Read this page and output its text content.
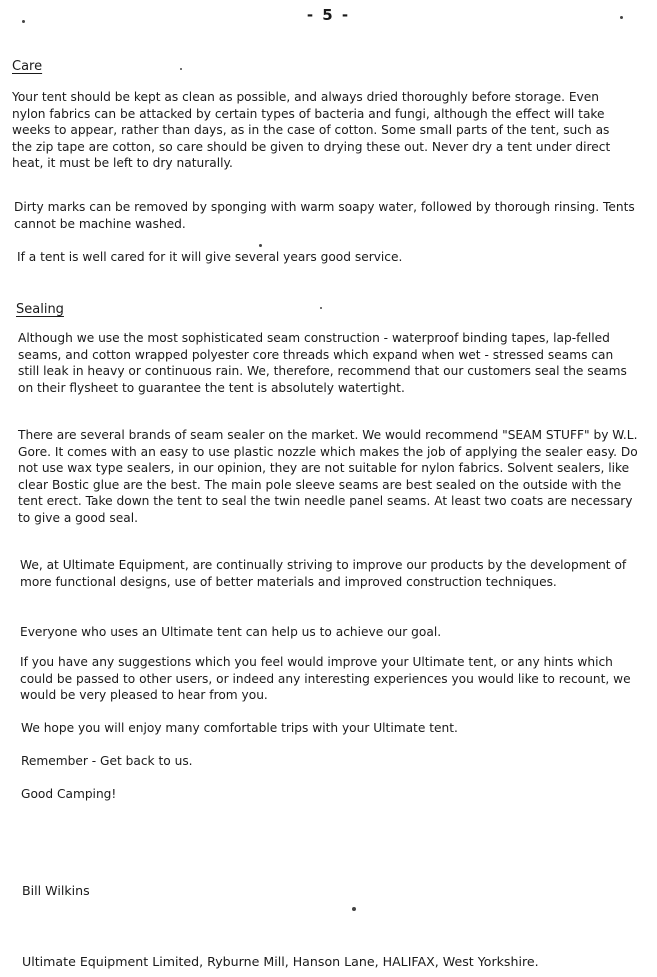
- 5 -
Care

Your tent should be kept as clean as possible, and always dried thoroughly before storage. Even nylon fabrics can be attacked by certain types of bacteria and fungi, although the effect will take weeks to appear, rather than days, as in the case of cotton. Some small parts of the tent, such as the zip tape are cotton, so care should be given to drying these out. Never dry a tent under direct heat, it must be left to dry naturally.

Dirty marks can be removed by sponging with warm soapy water, followed by thorough rinsing. Tents cannot be machine washed.

If a tent is well cared for it will give several years good service.

Sealing

Although we use the most sophisticated seam construction - waterproof binding tapes, lap-felled seams, and cotton wrapped polyester core threads which expand when wet - stressed seams can still leak in heavy or continuous rain. We, therefore, recommend that our customers seal the seams on their flysheet to guarantee the tent is absolutely watertight.

There are several brands of seam sealer on the market. We would recommend "SEAM STUFF" by W.L. Gore. It comes with an easy to use plastic nozzle which makes the job of applying the sealer easy. Do not use wax type sealers, in our opinion, they are not suitable for nylon fabrics. Solvent sealers, like clear Bostic glue are the best. The main pole sleeve seams are best sealed on the outside with the tent erect. Take down the tent to seal the twin needle panel seams. At least two coats are necessary to give a good seal.

We, at Ultimate Equipment, are continually striving to improve our products by the development of more functional designs, use of better materials and improved construction techniques.

Everyone who uses an Ultimate tent can help us to achieve our goal.

If you have any suggestions which you feel would improve your Ultimate tent, or any hints which could be passed to other users, or indeed any interesting experiences you would like to recount, we would be very pleased to hear from you.

We hope you will enjoy many comfortable trips with your Ultimate tent.

Remember - Get back to us.

Good Camping!

Bill Wilkins
Ultimate Equipment Limited, Ryburne Mill, Hanson Lane, HALIFAX, West Yorkshire.
